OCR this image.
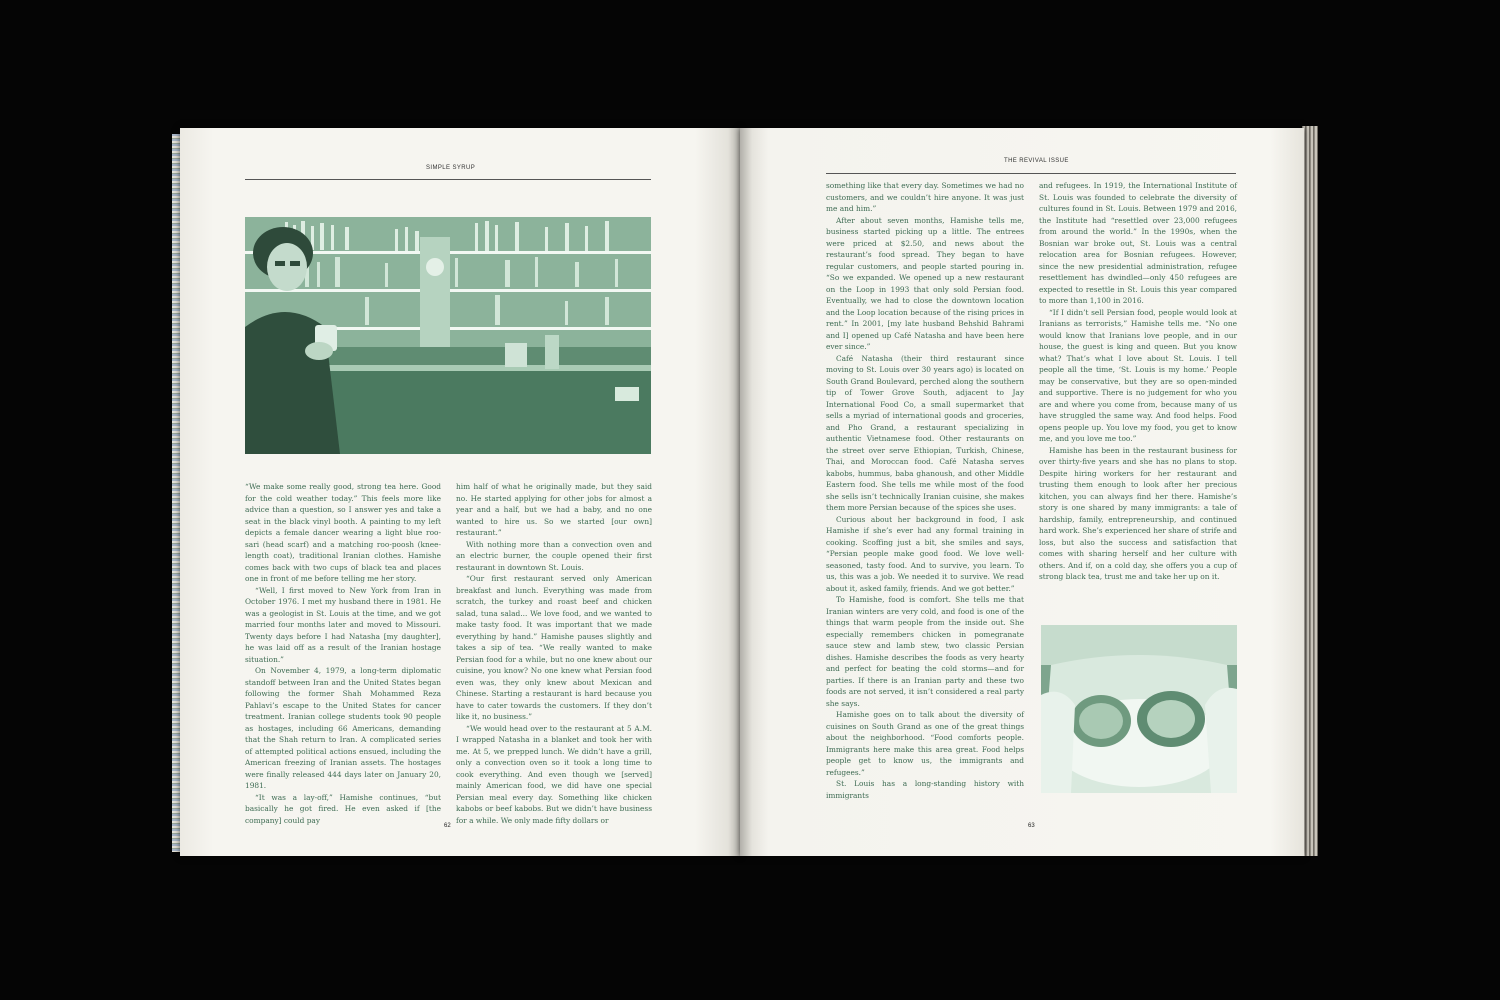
SIMPLE SYRUP

“We make some really good, strong tea here. Good for the cold weather today.” This feels more like advice than a question, so I answer yes and take a seat in the black vinyl booth. A painting to my left depicts a female dancer wearing a light blue roo-sari (head scarf) and a matching roo-poosh (knee-length coat), traditional Iranian clothes. Hamishe comes back with two cups of black tea and places one in front of me before telling me her story.

“Well, I first moved to New York from Iran in October 1976. I met my husband there in 1981. He was a geologist in St. Louis at the time, and we got married four months later and moved to Missouri. Twenty days before I had Natasha [my daughter], he was laid off as a result of the Iranian hostage situation.”

On November 4, 1979, a long-term diplomatic standoff between Iran and the United States began following the former Shah Mohammed Reza Pahlavi’s escape to the United States for cancer treatment. Iranian college students took 90 people as hostages, including 66 Americans, demanding that the Shah return to Iran. A complicated series of attempted political actions ensued, including the American freezing of Iranian assets. The hostages were finally released 444 days later on January 20, 1981.

“It was a lay-off,” Hamishe continues, “but basically he got fired. He even asked if [the company] could pay

him half of what he originally made, but they said no. He started applying for other jobs for almost a year and a half, but we had a baby, and no one wanted to hire us. So we started [our own] restaurant.”

With nothing more than a convection oven and an electric burner, the couple opened their first restaurant in downtown St. Louis.

“Our first restaurant served only American breakfast and lunch. Everything was made from scratch, the turkey and roast beef and chicken salad, tuna salad... We love food, and we wanted to make tasty food. It was important that we made everything by hand.” Hamishe pauses slightly and takes a sip of tea. “We really wanted to make Persian food for a while, but no one knew about our cuisine, you know? No one knew what Persian food even was, they only knew about Mexican and Chinese. Starting a restaurant is hard because you have to cater towards the customers. If they don’t like it, no business.”

“We would head over to the restaurant at 5 A.M. I wrapped Natasha in a blanket and took her with me. At 5, we prepped lunch. We didn’t have a grill, only a convection oven so it took a long time to cook everything. And even though we [served] mainly American food, we did have one special Persian meal every day. Something like chicken kabobs or beef kabobs. But we didn’t have business for a while. We only made fifty dollars or

62
THE REVIVAL ISSUE

something like that every day. Sometimes we had no customers, and we couldn’t hire anyone. It was just me and him.”

After about seven months, Hamishe tells me, business started picking up a little. The entrees were priced at $2.50, and news about the restaurant’s food spread. They began to have regular customers, and people started pouring in. “So we expanded. We opened up a new restaurant on the Loop in 1993 that only sold Persian food. Eventually, we had to close the downtown location and the Loop location because of the rising prices in rent.” In 2001, [my late husband Behshid Bahrami and I] opened up Café Natasha and have been here ever since.”

Café Natasha (their third restaurant since moving to St. Louis over 30 years ago) is located on South Grand Boulevard, perched along the southern tip of Tower Grove South, adjacent to Jay International Food Co, a small supermarket that sells a myriad of international goods and groceries, and Pho Grand, a restaurant specializing in authentic Vietnamese food. Other restaurants on the street over serve Ethiopian, Turkish, Chinese, Thai, and Moroccan food. Café Natasha serves kabobs, hummus, baba ghanoush, and other Middle Eastern food. She tells me while most of the food she sells isn’t technically Iranian cuisine, she makes them more Persian because of the spices she uses.

Curious about her background in food, I ask Hamishe if she’s ever had any formal training in cooking. Scoffing just a bit, she smiles and says, “Persian people make good food. We love well-seasoned, tasty food. And to survive, you learn. To us, this was a job. We needed it to survive. We read about it, asked family, friends. And we got better.”

To Hamishe, food is comfort. She tells me that Iranian winters are very cold, and food is one of the things that warm people from the inside out. She especially remembers chicken in pomegranate sauce stew and lamb stew, two classic Persian dishes. Hamishe describes the foods as very hearty and perfect for beating the cold storms—and for parties. If there is an Iranian party and these two foods are not served, it isn’t considered a real party she says.

Hamishe goes on to talk about the diversity of cuisines on South Grand as one of the great things about the neighborhood. “Food comforts people. Immigrants here make this area great. Food helps people get to know us, the immigrants and refugees.”

St. Louis has a long-standing history with immigrants

and refugees. In 1919, the International Institute of St. Louis was founded to celebrate the diversity of cultures found in St. Louis. Between 1979 and 2016, the Institute had “resettled over 23,000 refugees from around the world.” In the 1990s, when the Bosnian war broke out, St. Louis was a central relocation area for Bosnian refugees. However, since the new presidential administration, refugee resettlement has dwindled—only 450 refugees are expected to resettle in St. Louis this year compared to more than 1,100 in 2016.

“If I didn’t sell Persian food, people would look at Iranians as terrorists,” Hamishe tells me. “No one would know that Iranians love people, and in our house, the guest is king and queen. But you know what? That’s what I love about St. Louis. I tell people all the time, ‘St. Louis is my home.’ People may be conservative, but they are so open-minded and supportive. There is no judgement for who you are and where you come from, because many of us have struggled the same way. And food helps. Food opens people up. You love my food, you get to know me, and you love me too.”

Hamishe has been in the restaurant business for over thirty-five years and she has no plans to stop. Despite hiring workers for her restaurant and trusting them enough to look after her precious kitchen, you can always find her there. Hamishe’s story is one shared by many immigrants: a tale of hardship, family, entrepreneurship, and continued hard work. She’s experienced her share of strife and loss, but also the success and satisfaction that comes with sharing herself and her culture with others. And if, on a cold day, she offers you a cup of strong black tea, trust me and take her up on it.

63
